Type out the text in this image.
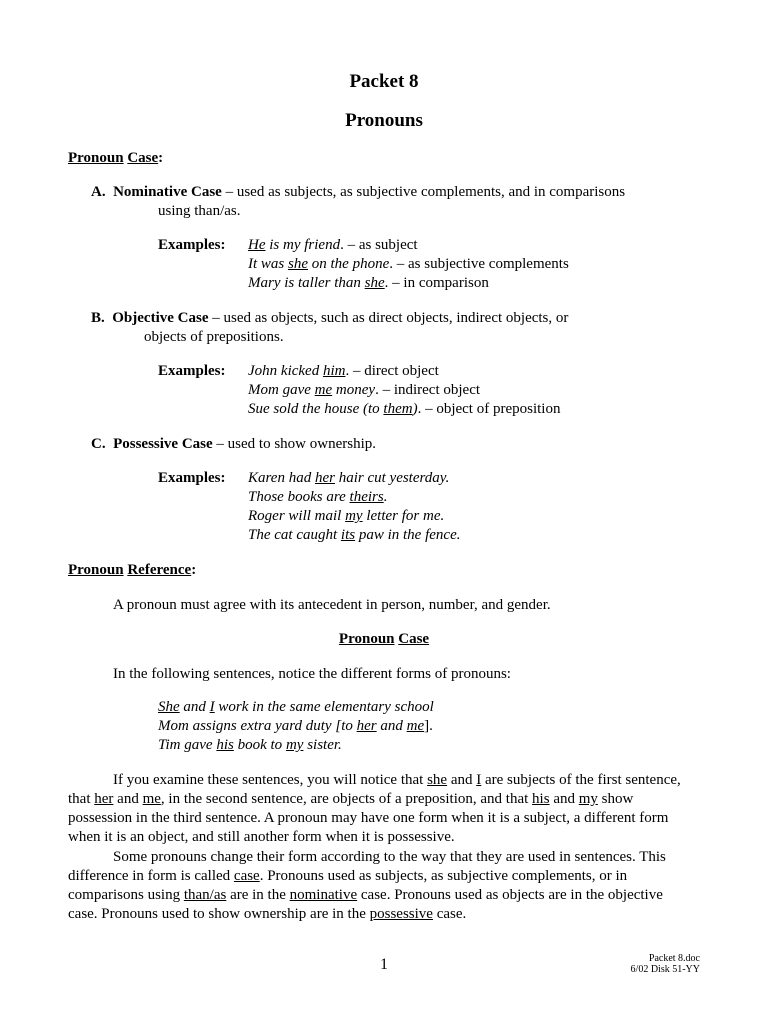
Packet 8
Pronouns
Pronoun Case:
A. Nominative Case – used as subjects, as subjective complements, and in comparisons
using than/as.
Examples: He is my friend. – as subject
It was she on the phone. – as subjective complements
Mary is taller than she. – in comparison
B. Objective Case – used as objects, such as direct objects, indirect objects, or
objects of prepositions.
Examples: John kicked him. – direct object
Mom gave me money. – indirect object
Sue sold the house (to them). – object of preposition
C. Possessive Case – used to show ownership.
Examples: Karen had her hair cut yesterday.
Those books are theirs.
Roger will mail my letter for me.
The cat caught its paw in the fence.
Pronoun Reference:
A pronoun must agree with its antecedent in person, number, and gender.
Pronoun Case
In the following sentences, notice the different forms of pronouns:
She and I work in the same elementary school
Mom assigns extra yard duty [to her and me].
Tim gave his book to my sister.
If you examine these sentences, you will notice that she and I are subjects of the first sentence, that her and me, in the second sentence, are objects of a preposition, and that his and my show possession in the third sentence. A pronoun may have one form when it is a subject, a different form when it is an object, and still another form when it is possessive.
Some pronouns change their form according to the way that they are used in sentences. This difference in form is called case. Pronouns used as subjects, as subjective complements, or in comparisons using than/as are in the nominative case. Pronouns used as objects are in the objective case. Pronouns used to show ownership are in the possessive case.
1	Packet 8.doc
6/02 Disk 51-YY
